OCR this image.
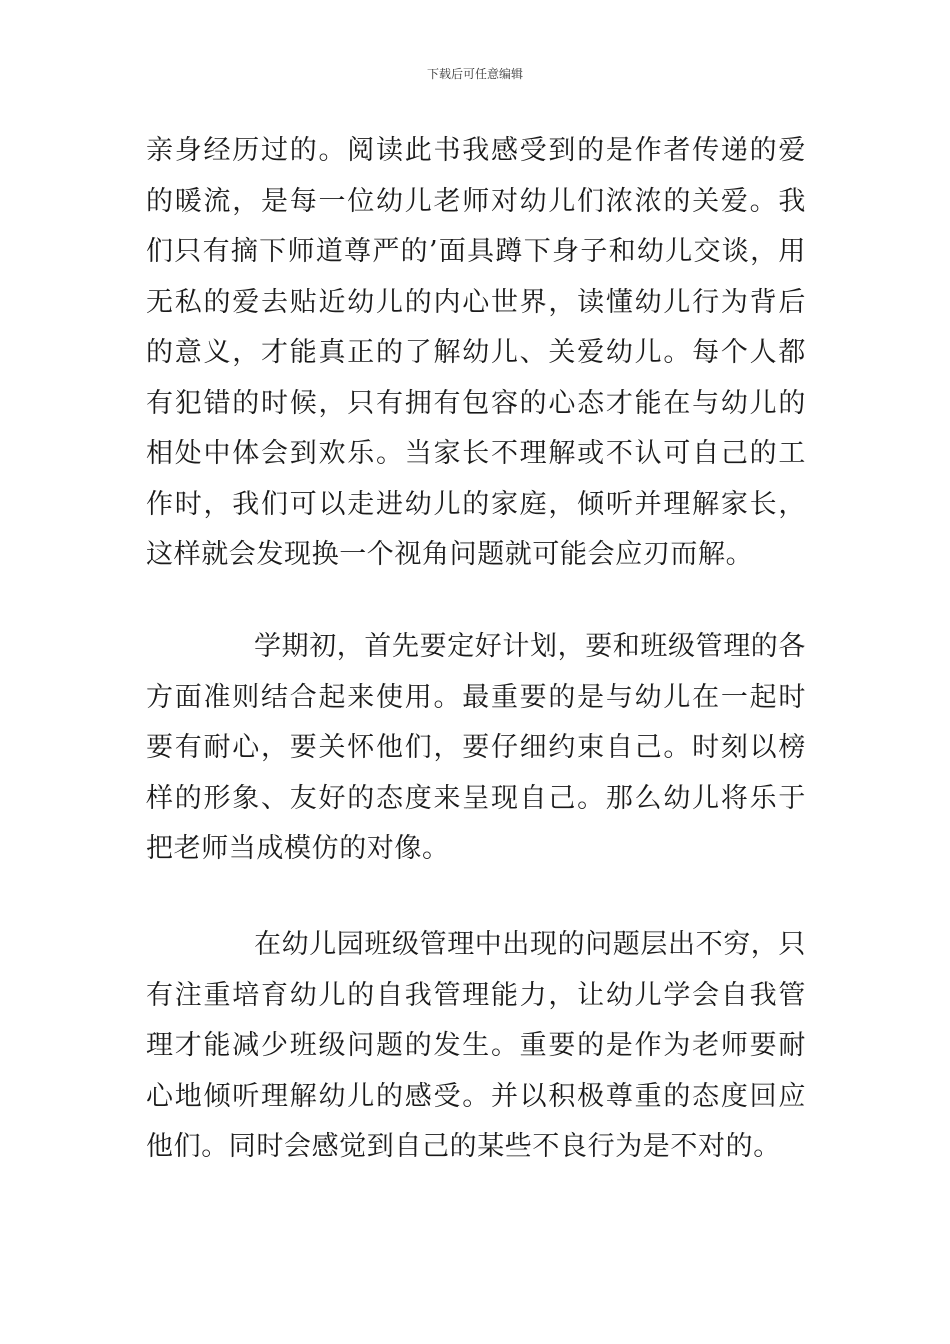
下载后可任意编辑

亲身经历过的。阅读此书我感受到的是作者传递的爱的暖流，是每一位幼儿老师对幼儿们浓浓的关爱。我们只有摘下师道尊严的’面具蹲下身子和幼儿交谈，用无私的爱去贴近幼儿的内心世界，读懂幼儿行为背后的意义，才能真正的了解幼儿、关爱幼儿。每个人都有犯错的时候，只有拥有包容的心态才能在与幼儿的相处中体会到欢乐。当家长不理解或不认可自己的工作时，我们可以走进幼儿的家庭，倾听并理解家长，这样就会发现换一个视角问题就可能会应刃而解。

学期初，首先要定好计划，要和班级管理的各方面准则结合起来使用。最重要的是与幼儿在一起时要有耐心，要关怀他们，要仔细约束自己。时刻以榜样的形象、友好的态度来呈现自己。那么幼儿将乐于把老师当成模仿的对像。

在幼儿园班级管理中出现的问题层出不穷，只有注重培育幼儿的自我管理能力，让幼儿学会自我管理才能减少班级问题的发生。重要的是作为老师要耐心地倾听理解幼儿的感受。并以积极尊重的态度回应他们。同时会感觉到自己的某些不良行为是不对的。
